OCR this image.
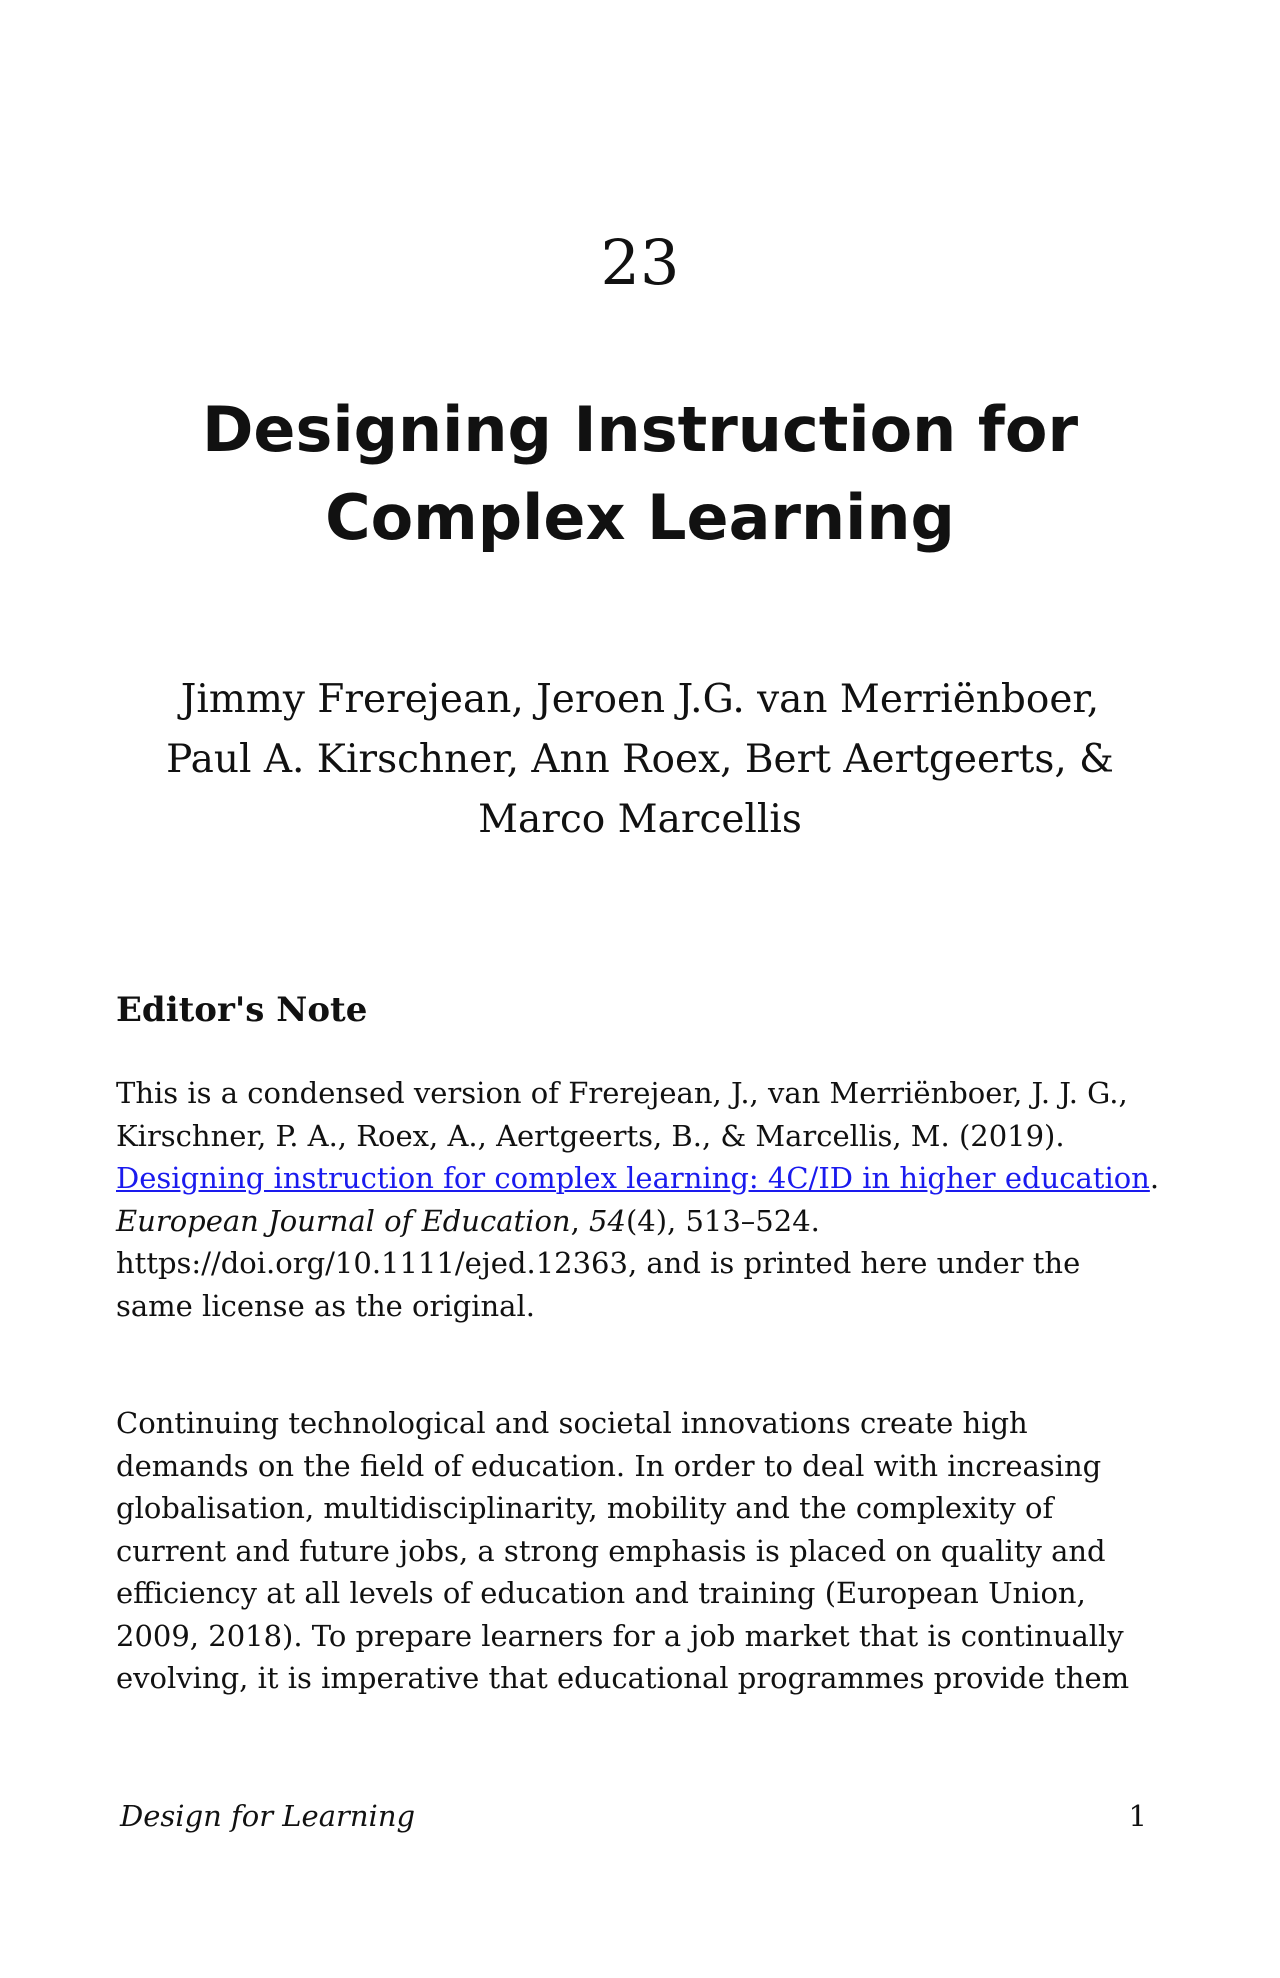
23
Designing Instruction for
Complex Learning
Jimmy Frerejean, Jeroen J.G. van Merriënboer,
Paul A. Kirschner, Ann Roex, Bert Aertgeerts, &
Marco Marcellis
Editor's Note

This is a condensed version of Frerejean, J., van Merriënboer, J. J. G.,
Kirschner, P. A., Roex, A., Aertgeerts, B., & Marcellis, M. (2019).
Designing instruction for complex learning: 4C/ID in higher education.
European Journal of Education, 54(4), 513–524.
https://doi.org/10.1111/ejed.12363, and is printed here under the
same license as the original.

Continuing technological and societal innovations create high
demands on the field of education. In order to deal with increasing
globalisation, multidisciplinarity, mobility and the complexity of
current and future jobs, a strong emphasis is placed on quality and
efficiency at all levels of education and training (European Union,
2009, 2018). To prepare learners for a job market that is continually
evolving, it is imperative that educational programmes provide them

Design for Learning	1
